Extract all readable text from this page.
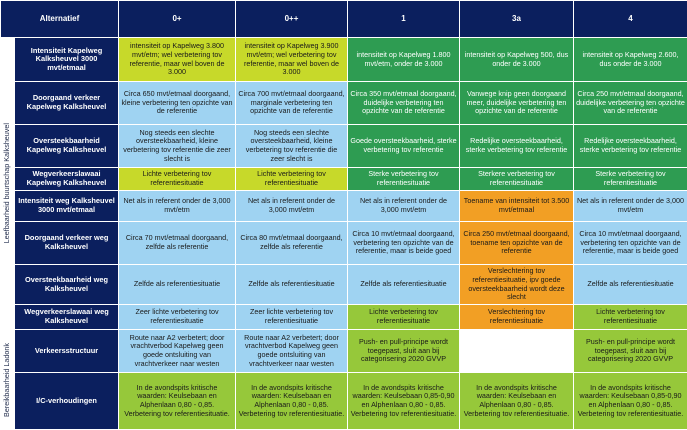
Alternatief		0+	0++	1	3a	4

Leefbaarheid buurtschap Kalksheuvel	Intensiteit Kapelweg Kalksheuvel 3000 mvt/etmaal	intensiteit op Kapelweg 3.800 mvt/etm; wel verbetering tov referentie, maar wel boven de 3.000	intensiteit op Kapelweg 3.900 mvt/etm; wel verbetering tov referentie, maar wel boven de 3.000	intensiteit op Kapelweg 1.800 mvt/etm, onder de 3.000	intensiteit op Kapelweg 500, dus onder de 3.000	intensiteit op Kapelweg 2.600, dus onder de 3.000
	Doorgaand verkeer Kapelweg Kalksheuvel	Circa 650 mvt/etmaal doorgaand, kleine verbetering ten opzichte van de referentie	Circa 700 mvt/etmaal doorgaand, marginale verbetering ten opzichte van de referentie	Circa 350 mvt/etmaal doorgaand, duidelijke verbetering ten opzichte van de referentie	Vanwege knip geen doorgaand meer, duidelijke verbetering ten opzichte van de referentie	Circa 250 mvt/etmaal doorgaand, duidelijke verbetering ten opzichte van de referentie
	Oversteekbaarheid Kapelweg Kalksheuvel	Nog steeds een slechte oversteekbaarheid, kleine verbetering tov referentie die zeer slecht is	Nog steeds een slechte oversteekbaarheid, kleine verbetering tov referentie die zeer slecht is	Goede oversteekbaarheid, sterke verbetering tov referentie	Redelijke oversteekbaarheid, sterke verbetering tov referentie	Redelijke oversteekbaarheid, sterke verbetering tov referentie
	Wegverkeerslawaai Kapelweg Kalksheuvel	Lichte verbetering tov referentiesituatie	Lichte verbetering tov referentiesituatie	Sterke verbetering tov referentiesituatie	Sterkere verbetering tov referentiesituatie	Sterke verbetering tov referentiesituatie
	Intensiteit weg Kalksheuvel 3000 mvt/etmaal	Net als in referent onder de 3,000 mvt/etm	Net als in referent onder de 3,000 mvt/etm	Net als in referent onder de 3,000 mvt/etm	Toename van intensiteit tot 3.500 mvt/etmaal	Net als in referent onder de 3,000 mvt/etm
	Doorgaand verkeer weg Kalksheuvel	Circa 70 mvt/etmaal doorgaand, zelfde als referentie	Circa 80 mvt/etmaal doorgaand, zelfde als referentie	Circa 10 mvt/etmaal doorgaand, verbetering ten opzichte van de referentie, maar is beide goed	Circa 250 mvt/etmaal doorgaand, toename ten opzichte van de referentie	Circa 10 mvt/etmaal doorgaand, verbetering ten opzichte van de referentie, maar is beide goed
	Oversteekbaarheid weg Kalksheuvel	Zelfde als referentiesituatie	Zelfde als referentiesituatie	Zelfde als referentiesituatie	Verslechtering tov referentiesituatie, ipv goede oversteekbaarheid wordt deze slecht	Zelfde als referentiesituatie
	Wegverkeerslawaai weg Kalksheuvel	Zeer lichte verbetering tov referentiesituatie	Zeer lichte verbetering tov referentiesituatie	Lichte verbetering tov referentiesituatie	Verslechtering tov referentiesituatie	Lichte verbetering tov referentiesituatie

Bereikbaarheid Ladonk	Verkeersstructuur	Route naar A2 verbetert; door vrachtverbod Kapelweg geen goede ontsluiting van vrachtverkeer naar westen	Route naar A2 verbetert; door vrachtverbod Kapelweg geen goede ontsluiting van vrachtverkeer naar westen	Push- en pull-principe wordt toegepast, sluit aan bij categorisering 2020 GVVP		Push- en pull-principe wordt toegepast, sluit aan bij categorisering 2020 GVVP
	I/C-verhoudingen	In de avondspits kritische waarden: Keulsebaan en Alphenlaan 0,80 - 0,85. Verbetering tov referentiesituatie.	In de avondspits kritische waarden: Keulsebaan en Alphenlaan 0,80 - 0,85. Verbetering tov referentiesituatie.	In de avondspits kritische waarden: Keulsebaan 0,85-0,90 en Alphenlaan 0,80 - 0,85. Verbetering tov referentiesituatie.	In de avondspits kritische waarden: Keulsebaan en Alphenlaan 0,80 - 0,85. Verbetering tov referentiesituatie.	In de avondspits kritische waarden: Keulsebaan 0,85-0,90 en Alphenlaan 0,80 - 0,85. Verbetering tov referentiesituatie.
